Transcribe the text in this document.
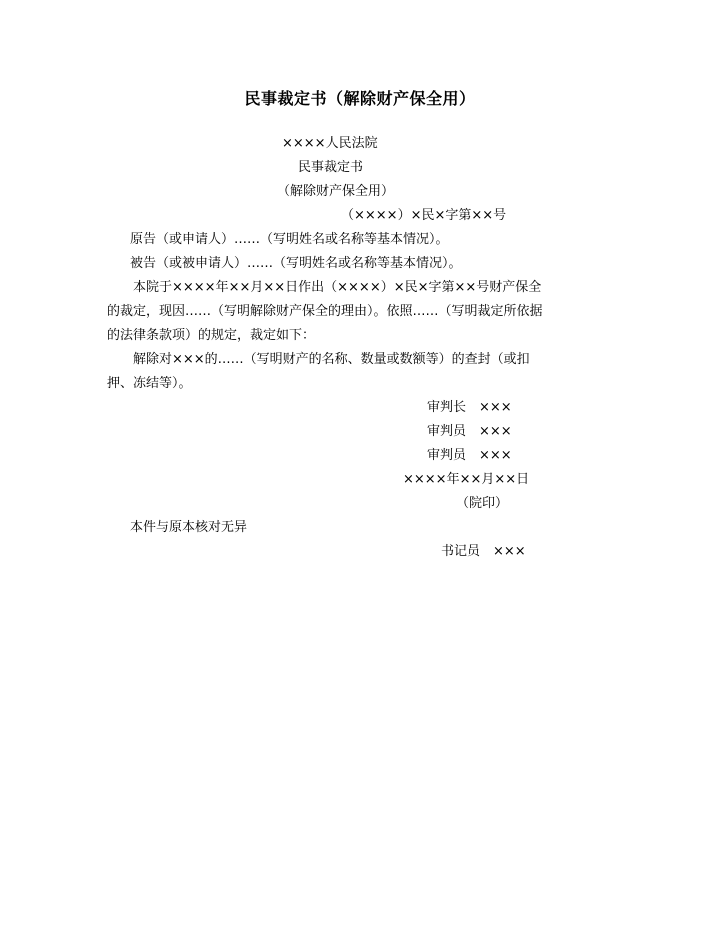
民事裁定书（解除财产保全用）
××××人民法院
民事裁定书
（解除财产保全用）
（××××）×民×字第××号
原告（或申请人）……（写明姓名或名称等基本情况）。
被告（或被申请人）……（写明姓名或名称等基本情况）。
本院于××××年××月××日作出（××××）×民×字第××号财产保全的裁定，现因……（写明解除财产保全的理由）。依照……（写明裁定所依据的法律条款项）的规定，裁定如下：
解除对×××的……（写明财产的名称、数量或数额等）的查封（或扣押、冻结等）。
审判长　×××
审判员　×××
审判员　×××
××××年××月××日
（院印）
本件与原本核对无异
书记员　×××
